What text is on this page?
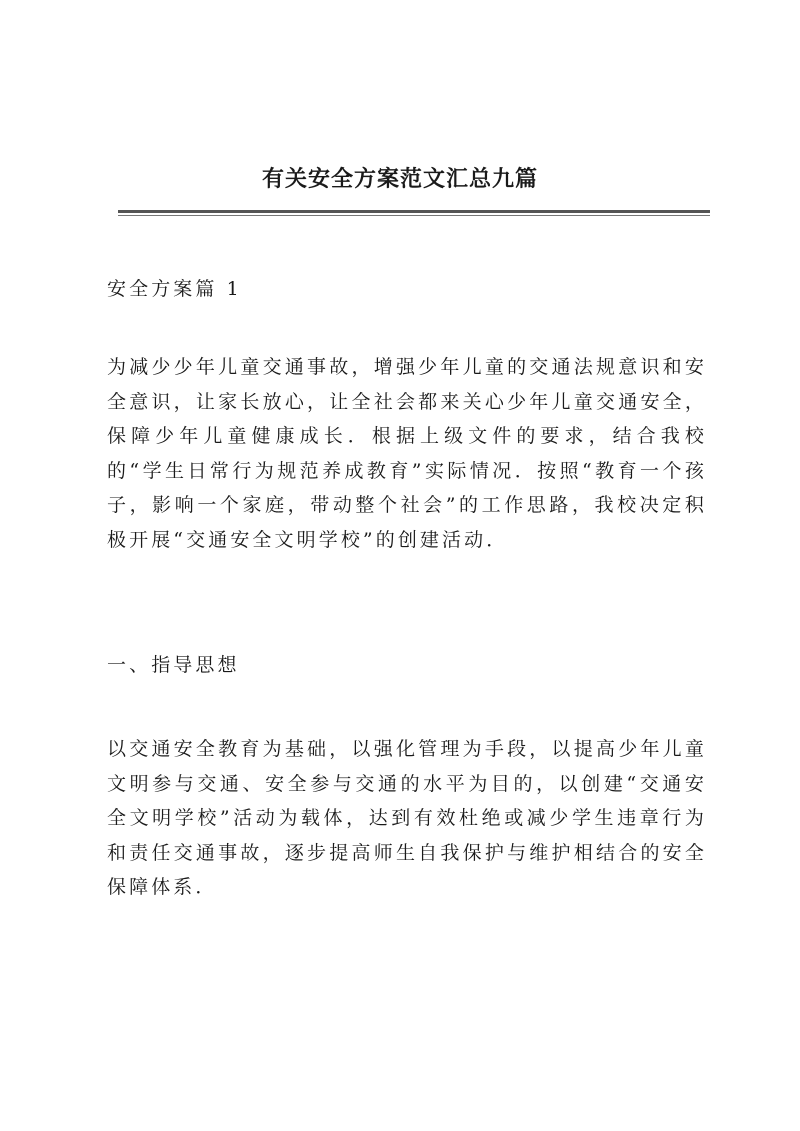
有关安全方案范文汇总九篇
安全方案篇 1
为减少少年儿童交通事故，增强少年儿童的交通法规意识和安全意识，让家长放心，让全社会都来关心少年儿童交通安全，保障少年儿童健康成长．根据上级文件的要求，结合我校的“学生日常行为规范养成教育”实际情况．按照“教育一个孩子，影响一个家庭，带动整个社会”的工作思路，我校决定积极开展“交通安全文明学校”的创建活动．
一、指导思想
以交通安全教育为基础，以强化管理为手段，以提高少年儿童文明参与交通、安全参与交通的水平为目的，以创建“交通安全文明学校”活动为载体，达到有效杜绝或减少学生违章行为和责任交通事故，逐步提高师生自我保护与维护相结合的安全保障体系．
